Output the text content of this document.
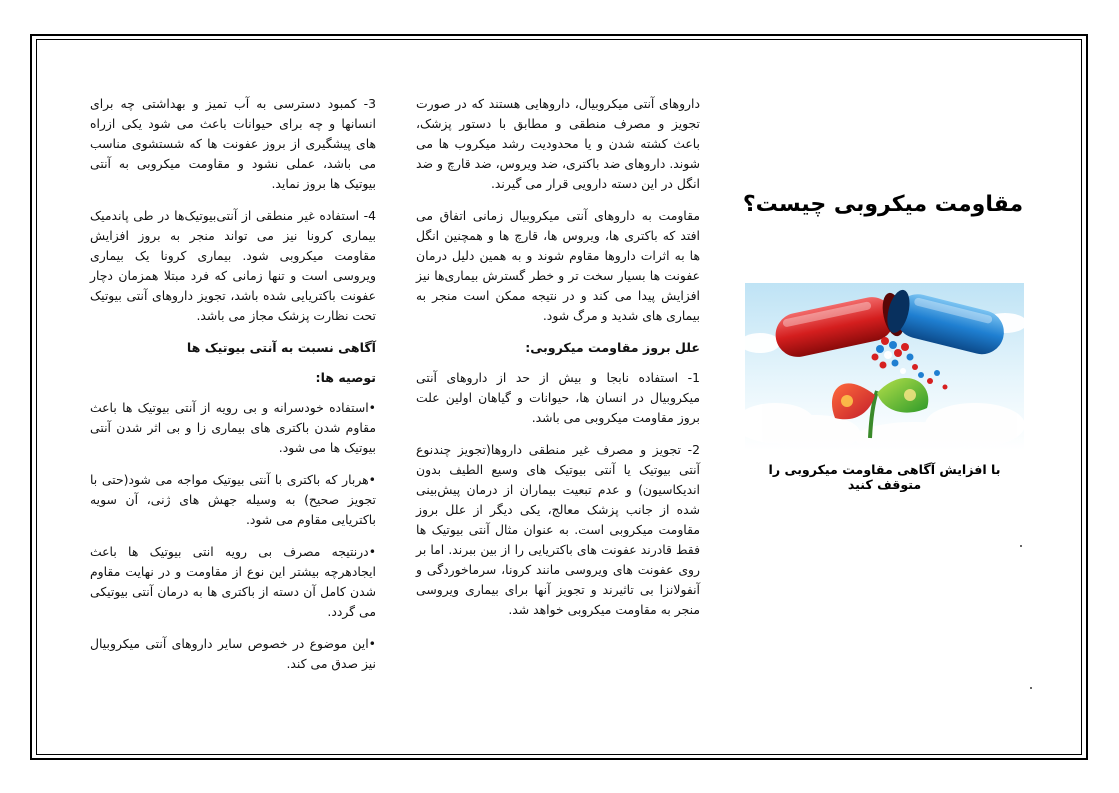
3- کمبود دسترسی به آب تمیز و بهداشتی چه برای انسانها و چه برای حیوانات باعث می شود یکی ازراه های پیشگیری از بروز عفونت ها که شستشوی مناسب می باشد، عملی نشود و مقاومت میکروبی به آنتی بیوتیک ها بروز نماید.

4- استفاده غیر منطقی از آنتی‌بیوتیک‌ها در طی پاندمیک بیماری کرونا نیز می تواند منجر به بروز افزایش مقاومت میکروبی شود. بیماری کرونا یک بیماری ویروسی است و تنها زمانی که فرد مبتلا همزمان دچار عفونت باکتریایی شده باشد، تجویز داروهای آنتی بیوتیک تحت نظارت پزشک مجاز می باشد.

آگاهی نسبت به آنتی بیوتیک ها
توصیه ها:

•استفاده خودسرانه و بی رویه از آنتی بیوتیک ها باعث مقاوم شدن باکتری های بیماری زا و بی اثر شدن آنتی بیوتیک ها می شود.

•هربار که باکتری با آنتی بیوتیک مواجه می شود(حتی با تجویز صحیح) به وسیله جهش های ژنی، آن سویه باکتریایی مقاوم می شود.

•درنتیجه مصرف بی رویه انتی بیوتیک ها باعث ایجادهرچه بیشتر این نوع از مقاومت و در نهایت مقاوم شدن کامل آن دسته از باکتری ها به درمان آنتی بیوتیکی می گردد.

•این موضوع در خصوص سایر داروهای آنتی میکروبیال نیز صدق می کند.

داروهای آنتی میکروبیال، داروهایی هستند که در صورت تجویز و مصرف منطقی و مطابق با دستور پزشک، باعث کشته شدن و یا محدودیت رشد میکروب ها می شوند. داروهای ضد باکتری، ضد ویروس، ضد قارچ و ضد انگل در این دسته دارویی قرار می گیرند.

مقاومت به داروهای آنتی میکروبیال زمانی اتفاق می افتد که باکتری ها، ویروس ها، قارچ ها و همچنین انگل ها به اثرات داروها مقاوم شوند و به همین دلیل درمان عفونت ها بسیار سخت تر و خطر گسترش بیماری‌ها نیز افزایش پیدا می کند و در نتیجه ممکن است منجر به بیماری های شدید و مرگ شود.

علل بروز مقاومت میکروبی:

1- استفاده نابجا و بیش از حد از داروهای آنتی میکروبیال در انسان ها، حیوانات و گیاهان اولین علت بروز مقاومت میکروبی می باشد.

2- تجویز و مصرف غیر منطقی داروها(تجویز چندنوع آنتی بیوتیک یا آنتی بیوتیک های وسیع الطیف بدون اندیکاسیون) و عدم تبعیت بیماران از درمان پیش‌بینی شده از جانب پزشک معالج، یکی دیگر از علل بروز مقاومت میکروبی است. به عنوان مثال آنتی بیوتیک ها فقط قادرند عفونت های باکتریایی را از بین ببرند. اما بر روی عفونت های ویروسی مانند کرونا، سرماخوردگی و آنفولانزا بی تاثیرند و تجویز آنها برای بیماری ویروسی منجر به مقاومت میکروبی خواهد شد.

مقاومت میکروبی چیست؟
با افزایش آگاهی مقاومت میکروبی را متوقف کنید
